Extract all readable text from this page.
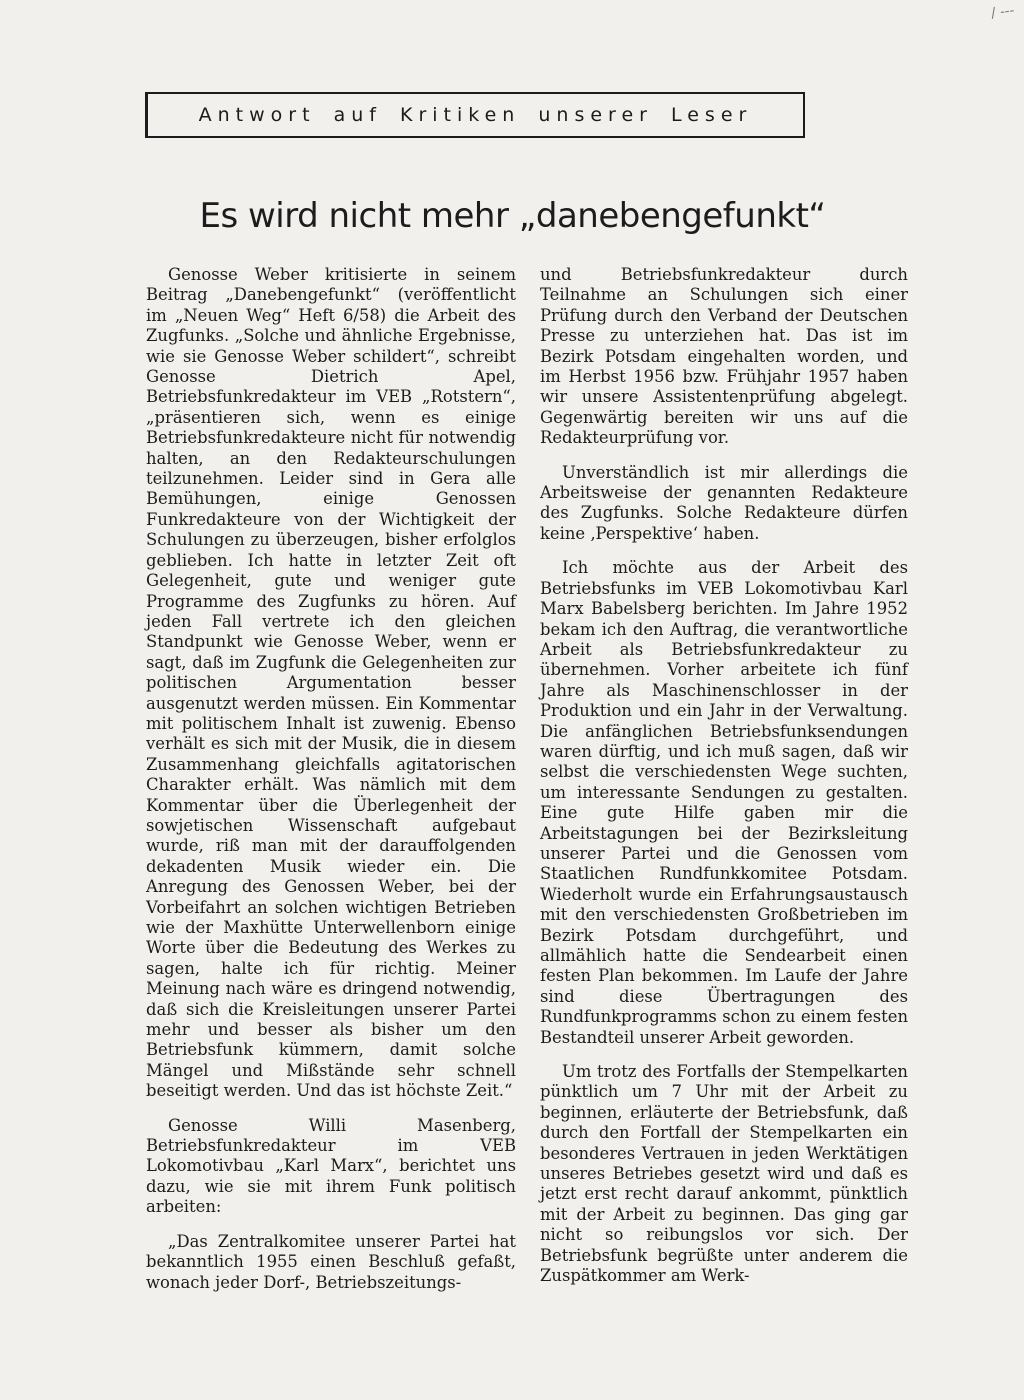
/ ---
Antwort auf Kritiken unserer Leser
Es wird nicht mehr „danebengefunkt“

Genosse Weber kritisierte in seinem Beitrag „Danebengefunkt“ (veröffentlicht im „Neuen Weg“ Heft 6/58) die Arbeit des Zugfunks. „Solche und ähnliche Ergebnisse, wie sie Genosse Weber schildert“, schreibt Genosse Dietrich Apel, Betriebsfunkredakteur im VEB „Rotstern“, „präsentieren sich, wenn es einige Betriebsfunkredakteure nicht für notwendig halten, an den Redakteurschulungen teilzunehmen. Leider sind in Gera alle Bemühungen, einige Genossen Funkredakteure von der Wichtigkeit der Schulungen zu überzeugen, bisher erfolglos geblieben. Ich hatte in letzter Zeit oft Gelegenheit, gute und weniger gute Programme des Zugfunks zu hören. Auf jeden Fall vertrete ich den gleichen Standpunkt wie Genosse Weber, wenn er sagt, daß im Zugfunk die Gelegenheiten zur politischen Argumentation besser ausgenutzt werden müssen. Ein Kommentar mit politischem Inhalt ist zuwenig. Ebenso verhält es sich mit der Musik, die in diesem Zusammenhang gleichfalls agitatorischen Charakter erhält. Was nämlich mit dem Kommentar über die Überlegenheit der sowjetischen Wissenschaft aufgebaut wurde, riß man mit der darauffolgenden dekadenten Musik wieder ein. Die Anregung des Genossen Weber, bei der Vorbeifahrt an solchen wichtigen Betrieben wie der Maxhütte Unterwellenborn einige Worte über die Bedeutung des Werkes zu sagen, halte ich für richtig. Meiner Meinung nach wäre es dringend notwendig, daß sich die Kreisleitungen unserer Partei mehr und besser als bisher um den Betriebsfunk kümmern, damit solche Mängel und Mißstände sehr schnell beseitigt werden. Und das ist höchste Zeit.“

Genosse Willi Masenberg, Betriebsfunkredakteur im VEB Lokomotivbau „Karl Marx“, berichtet uns dazu, wie sie mit ihrem Funk politisch arbeiten:

„Das Zentralkomitee unserer Partei hat bekanntlich 1955 einen Beschluß gefaßt, wonach jeder Dorf-, Betriebszeitungs-

und Betriebsfunkredakteur durch Teilnahme an Schulungen sich einer Prüfung durch den Verband der Deutschen Presse zu unterziehen hat. Das ist im Bezirk Potsdam eingehalten worden, und im Herbst 1956 bzw. Frühjahr 1957 haben wir unsere Assistentenprüfung abgelegt. Gegenwärtig bereiten wir uns auf die Redakteurprüfung vor.

Unverständlich ist mir allerdings die Arbeitsweise der genannten Redakteure des Zugfunks. Solche Redakteure dürfen keine ‚Perspektive‘ haben.

Ich möchte aus der Arbeit des Betriebsfunks im VEB Lokomotivbau Karl Marx Babelsberg berichten. Im Jahre 1952 bekam ich den Auftrag, die verantwortliche Arbeit als Betriebsfunkredakteur zu übernehmen. Vorher arbeitete ich fünf Jahre als Maschinenschlosser in der Produktion und ein Jahr in der Verwaltung. Die anfänglichen Betriebsfunksendungen waren dürftig, und ich muß sagen, daß wir selbst die verschiedensten Wege suchten, um interessante Sendungen zu gestalten. Eine gute Hilfe gaben mir die Arbeitstagungen bei der Bezirksleitung unserer Partei und die Genossen vom Staatlichen Rundfunkkomitee Potsdam. Wiederholt wurde ein Erfahrungsaustausch mit den verschiedensten Großbetrieben im Bezirk Potsdam durchgeführt, und allmählich hatte die Sendearbeit einen festen Plan bekommen. Im Laufe der Jahre sind diese Übertragungen des Rundfunkprogramms schon zu einem festen Bestandteil unserer Arbeit geworden.

Um trotz des Fortfalls der Stempelkarten pünktlich um 7 Uhr mit der Arbeit zu beginnen, erläuterte der Betriebsfunk, daß durch den Fortfall der Stempelkarten ein besonderes Vertrauen in jeden Werktätigen unseres Betriebes gesetzt wird und daß es jetzt erst recht darauf ankommt, pünktlich mit der Arbeit zu beginnen. Das ging gar nicht so reibungslos vor sich. Der Betriebsfunk begrüßte unter anderem die Zuspätkommer am Werk-
